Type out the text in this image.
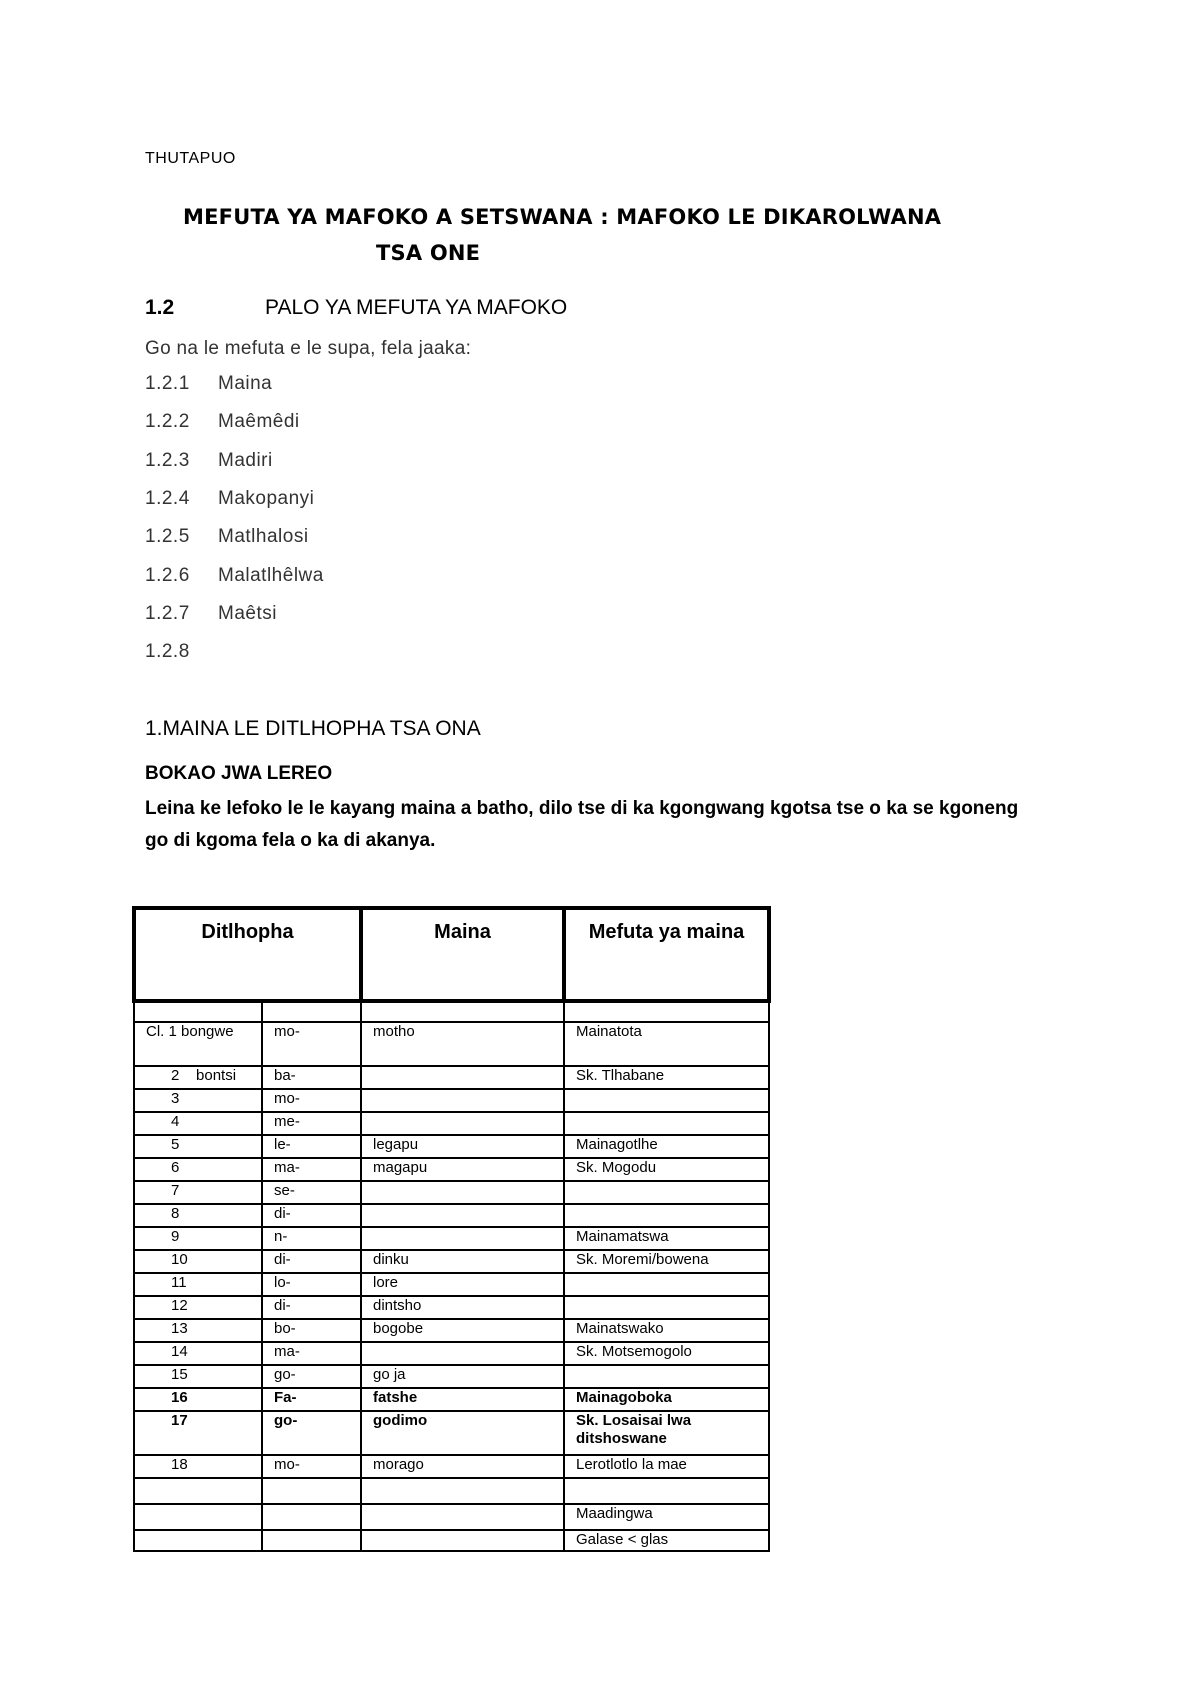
THUTAPUO
MEFUTA YA MAFOKO A SETSWANA : MAFOKO LE DIKAROLWANA
TSA ONE
1.2	PALO YA MEFUTA YA MAFOKO
Go na le mefuta e le supa, fela jaaka:
1.2.1 Maina
1.2.2 Maêmêdi
1.2.3 Madiri
1.2.4 Makopanyi
1.2.5 Matlhalosi
1.2.6 Malatlhêlwa
1.2.7 Maêtsi
1.2.8
1.MAINA LE DITLHOPHA TSA ONA
BOKAO JWA LEREO
Leina ke lefoko le le kayang maina a batho, dilo tse di ka kgongwang kgotsa tse o ka se kgoneng go di kgoma fela o ka di akanya.
Ditlhopha		Maina	Mefuta ya maina

Cl. 1 bongwe	mo-	motho	Mainatota
2    bontsi	ba-		Sk. Tlhabane
3	mo-		
4	me-		
5	le-	legapu	Mainagotlhe
6	ma-	magapu	Sk. Mogodu
7	se-		
8	di-		
9	n-		Mainamatswa
10	di-	dinku	Sk. Moremi/bowena
11	lo-	lore	
12	di-	dintsho	
13	bo-	bogobe	Mainatswako
14	ma-		Sk. Motsemogolo
15	go-	go ja	
16	Fa-	fatshe	Mainagoboka
17	go-	godimo	Sk. Losaisai lwa ditshoswane
18	mo-	morago	Lerotlotlo la mae

			Maadingwa
			Galase < glas
